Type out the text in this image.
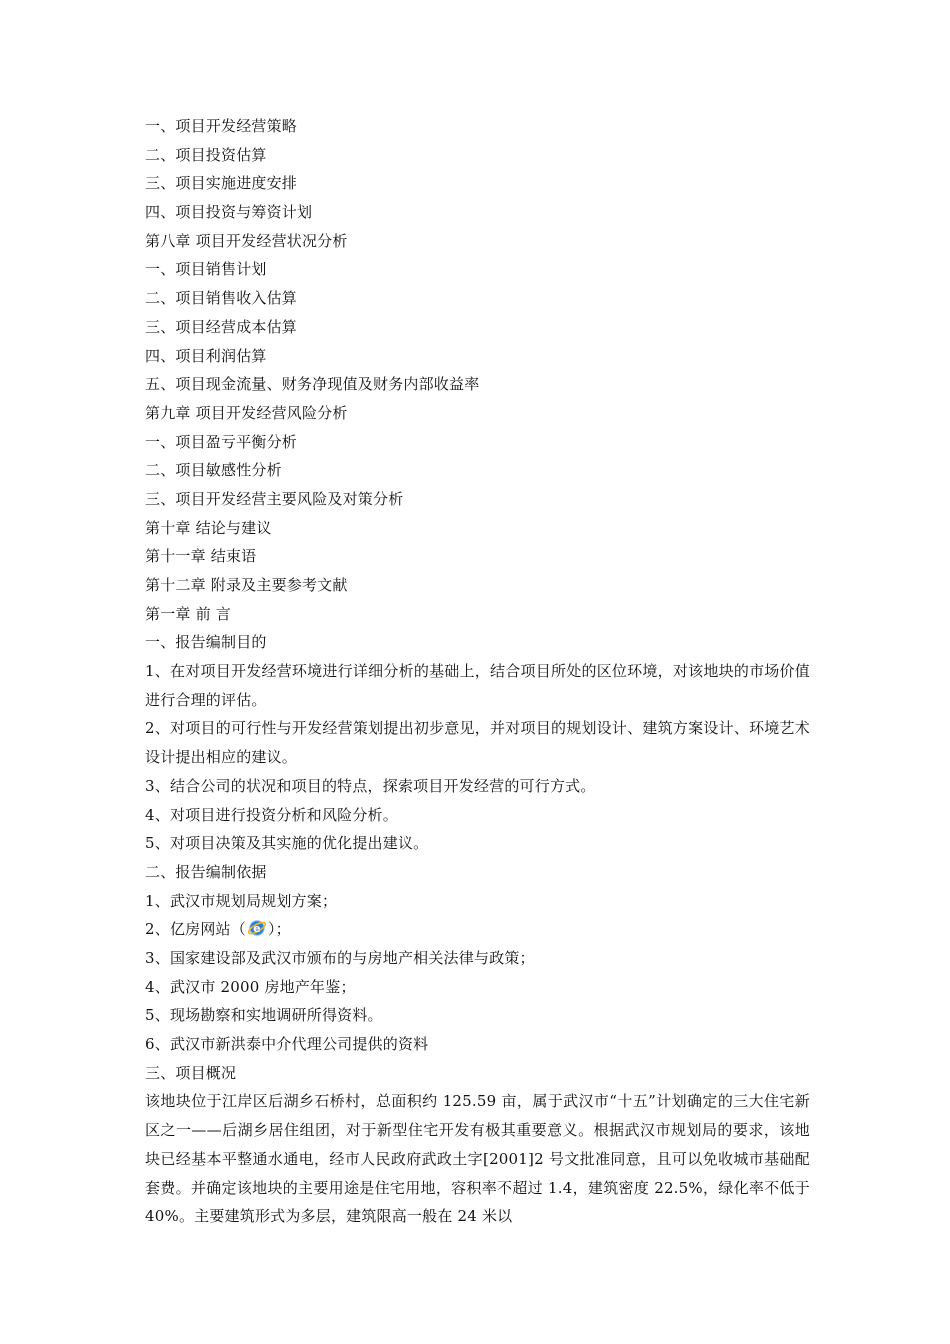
一、项目开发经营策略
二、项目投资估算
三、项目实施进度安排
四、项目投资与筹资计划
第八章 项目开发经营状况分析
一、项目销售计划
二、项目销售收入估算
三、项目经营成本估算
四、项目利润估算
五、项目现金流量、财务净现值及财务内部收益率
第九章 项目开发经营风险分析
一、项目盈亏平衡分析
二、项目敏感性分析
三、项目开发经营主要风险及对策分析
第十章 结论与建议
第十一章 结束语
第十二章 附录及主要参考文献
第一章 前 言
一、报告编制目的
1、在对项目开发经营环境进行详细分析的基础上，结合项目所处的区位环境，对该地块的市场价值进行合理的评估。
2、对项目的可行性与开发经营策划提出初步意见，并对项目的规划设计、建筑方案设计、环境艺术设计提出相应的建议。
3、结合公司的状况和项目的特点，探索项目开发经营的可行方式。
4、对项目进行投资分析和风险分析。
5、对项目决策及其实施的优化提出建议。
二、报告编制依据
1、武汉市规划局规划方案；
2、亿房网站（ e ）；
3、国家建设部及武汉市颁布的与房地产相关法律与政策；
4、武汉市 2000 房地产年鉴；
5、现场勘察和实地调研所得资料。
6、武汉市新洪泰中介代理公司提供的资料
三、项目概况
该地块位于江岸区后湖乡石桥村，总面积约 125.59 亩，属于武汉市“十五”计划确定的三大住宅新区之一——后湖乡居住组团，对于新型住宅开发有极其重要意义。根据武汉市规划局的要求，该地块已经基本平整通水通电，经市人民政府武政土字[2001]2 号文批准同意，且可以免收城市基础配套费。并确定该地块的主要用途是住宅用地，容积率不超过 1.4，建筑密度 22.5%，绿化率不低于 40%。主要建筑形式为多层，建筑限高一般在 24 米以
